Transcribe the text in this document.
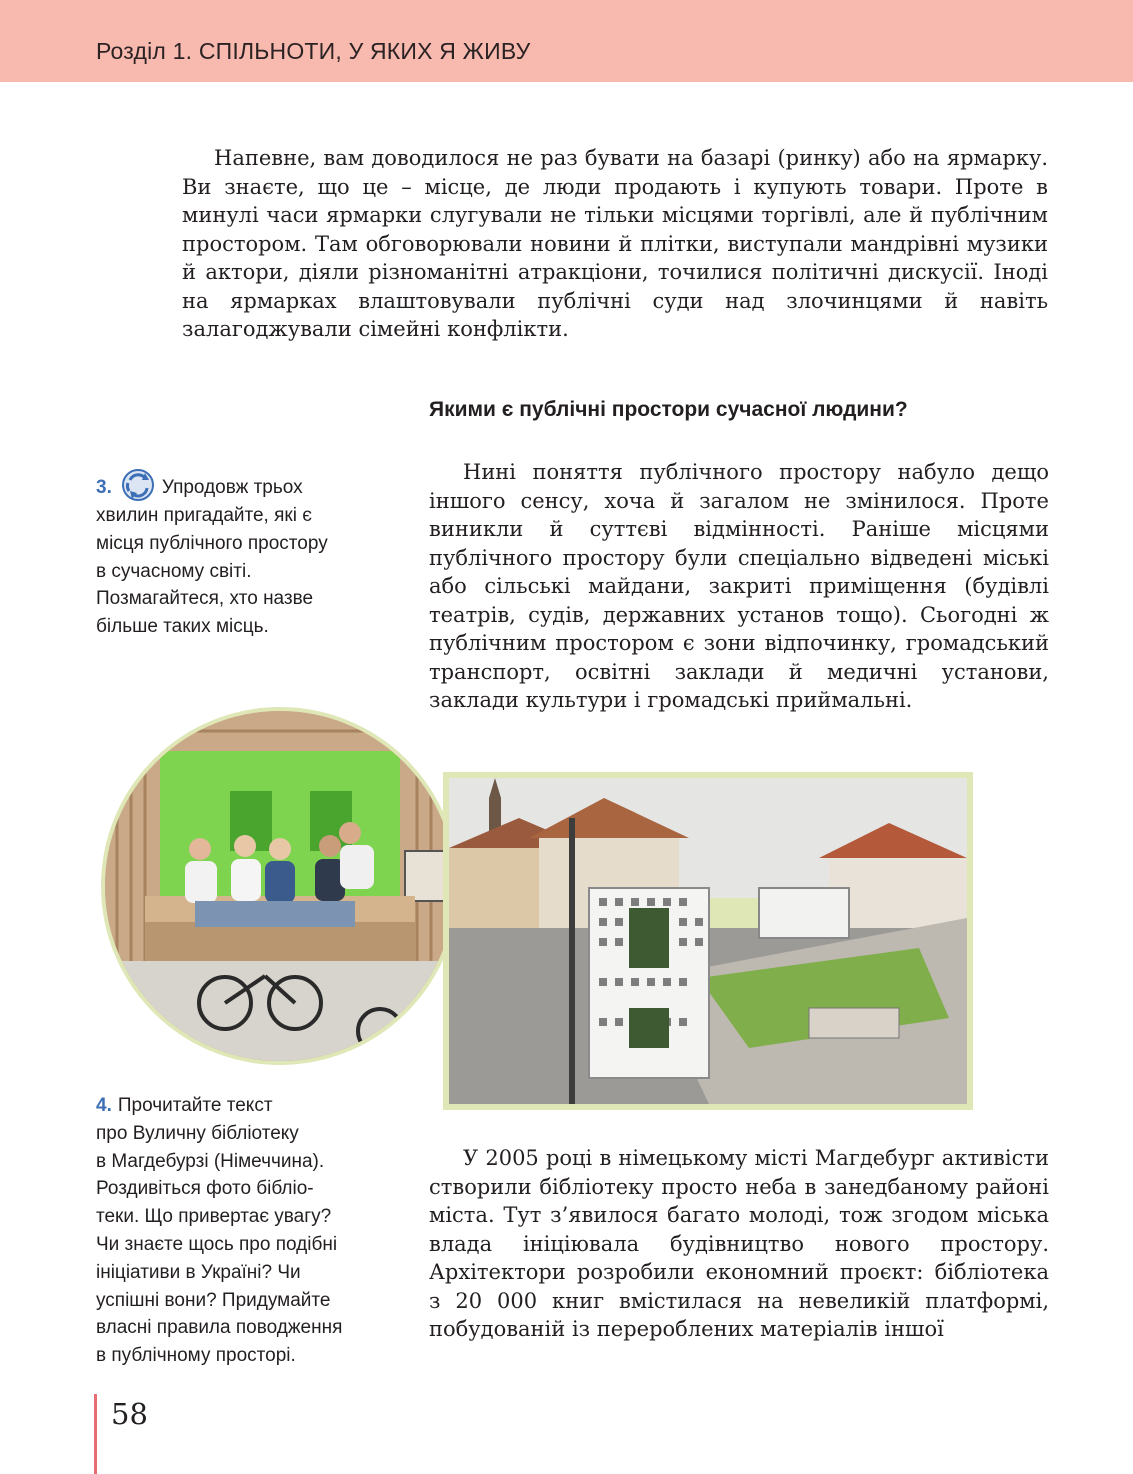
Розділ 1. СПІЛЬНОТИ, У ЯКИХ Я ЖИВУ
Напевне, вам доводилося не раз бувати на базарі (ринку) або на ярмарку. Ви знаєте, що це – місце, де люди продають і купують товари. Проте в минулі часи ярмарки слугували не тільки місцями торгівлі, але й публічним простором. Там обговорювали новини й плітки, виступали мандрівні музики й актори, діяли різноманітні атракціони, точилися політичні дискусії. Іноді на ярмарках влаштовували публічні суди над злочинцями й навіть залагоджували сімейні конфлікти.
Якими є публічні простори сучасної людини?
3.	Упродовж трьох
хвилин пригадайте, які є
місця публічного простору
в сучасному світі.
Позмагайтеся, хто назве
більше таких місць.
Нині поняття публічного простору набуло дещо іншого сенсу, хоча й загалом не змінилося. Проте виникли й суттєві відмінності. Раніше місцями публічного простору були спеціально відведені міські або сільські майдани, закриті приміщення (будівлі театрів, судів, державних установ тощо). Сьогодні ж публічним простором є зони відпочинку, громадський транспорт, освітні заклади й медичні установи, заклади культури і громадські приймальні.
4. Прочитайте текст
про Вуличну бібліотеку
в Магдебурзі (Німеччина).
Роздивіться фото бібліо-
теки. Що привертає увагу?
Чи знаєте щось про подібні
ініціативи в Україні? Чи
успішні вони? Придумайте
власні правила поводження
в публічному просторі.
У 2005 році в німецькому місті Магдебург активісти створили бібліотеку просто неба в занедбаному районі міста. Тут з’явилося багато молоді, тож згодом міська влада ініціювала будівництво нового простору. Архітектори розробили економний проєкт: бібліотека з 20 000 книг вмістилася на невеликій платформі, побудованій із перероблених матеріалів іншої
58
